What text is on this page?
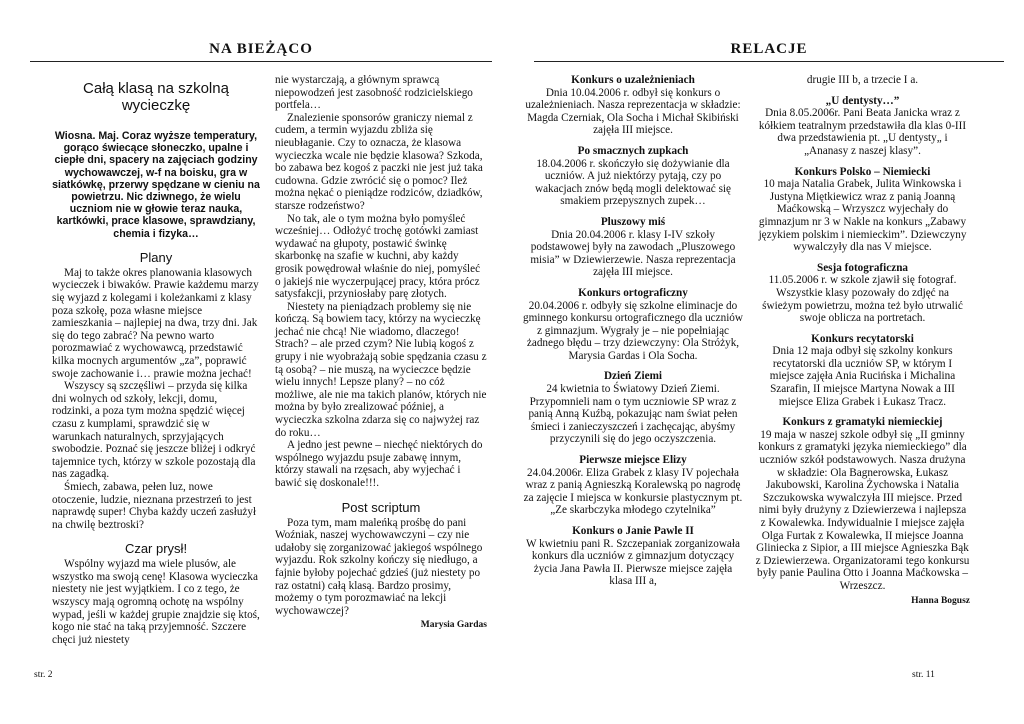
NA BIEŻĄCO
Całą klasą na szkolną wycieczkę
Wiosna. Maj. Coraz wyższe temperatury, gorąco świecące słoneczko, upalne i ciepłe dni, spacery na zajęciach godziny wychowawczej, w-f na boisku, gra w siatkówkę, przerwy spędzane w cieniu na powietrzu. Nic dziwnego, że wielu uczniom nie w głowie teraz nauka, kartkówki, prace klasowe, sprawdziany, chemia i fizyka…
Plany

Maj to także okres planowania klasowych wycieczek i biwaków. Prawie każdemu marzy się wyjazd z kolegami i koleżankami z klasy poza szkołę, poza własne miejsce zamieszkania – najlepiej na dwa, trzy dni. Jak się do tego zabrać? Na pewno warto porozmawiać z wychowawcą, przedstawić kilka mocnych argumentów „za”, poprawić swoje zachowanie i… prawie można jechać!

Wszyscy są szczęśliwi – przyda się kilka dni wolnych od szkoły, lekcji, domu, rodzinki, a poza tym można spędzić więcej czasu z kumplami, sprawdzić się w warunkach naturalnych, sprzyjających swobodzie. Poznać się jeszcze bliżej i odkryć tajemnice tych, którzy w szkole pozostają dla nas zagadką.

Śmiech, zabawa, pełen luz, nowe otoczenie, ludzie, nieznana przestrzeń to jest naprawdę super! Chyba każdy uczeń zasłużył na chwilę beztroski?

Czar prysł!

Wspólny wyjazd ma wiele plusów, ale wszystko ma swoją cenę! Klasowa wycieczka niestety nie jest wyjątkiem. I co z tego, że wszyscy mają ogromną ochotę na wspólny wypad, jeśli w każdej grupie znajdzie się ktoś, kogo nie stać na taką przyjemność. Szczere chęci już niestety

nie wystarczają, a głównym sprawcą niepowodzeń jest zasobność rodzicielskiego portfela…

Znalezienie sponsorów graniczy niemal z cudem, a termin wyjazdu zbliża się nieubłaganie. Czy to oznacza, że klasowa wycieczka wcale nie będzie klasowa? Szkoda, bo zabawa bez kogoś z paczki nie jest już taka cudowna. Gdzie zwrócić się o pomoc? Ileż można nękać o pieniądze rodziców, dziadków, starsze rodzeństwo?

No tak, ale o tym można było pomyśleć wcześniej… Odłożyć trochę gotówki zamiast wydawać na głupoty, postawić świnkę skarbonkę na szafie w kuchni, aby każdy grosik powędrował właśnie do niej, pomyśleć o jakiejś nie wyczerpującej pracy, która prócz satysfakcji, przyniosłaby parę złotych.

Niestety na pieniądzach problemy się nie kończą. Są bowiem tacy, którzy na wycieczkę jechać nie chcą! Nie wiadomo, dlaczego! Strach? – ale przed czym? Nie lubią kogoś z grupy i nie wyobrażają sobie spędzania czasu z tą osobą? – nie muszą, na wycieczce będzie wielu innych! Lepsze plany? – no cóż możliwe, ale nie ma takich planów, których nie można by było zrealizować później, a wycieczka szkolna zdarza się co najwyżej raz do roku…

A jedno jest pewne – niechęć niektórych do wspólnego wyjazdu psuje zabawę innym, którzy stawali na rzęsach, aby wyjechać i bawić się doskonale!!!.

Post scriptum

Poza tym, mam maleńką prośbę do pani Woźniak, naszej wychowawczyni – czy nie udałoby się zorganizować jakiegoś wspólnego wyjazdu. Rok szkolny kończy się niedługo, a fajnie byłoby pojechać gdzieś (już niestety po raz ostatni) całą klasą. Bardzo prosimy, możemy o tym porozmawiać na lekcji wychowawczej?

Marysia Gardas
str. 2
RELACJE
Konkurs o uzależnieniach

Dnia 10.04.2006 r. odbył się konkurs o uzależnieniach. Nasza reprezentacja w składzie: Magda Czerniak, Ola Socha i Michał Skibiński zajęła III miejsce.

Po smacznych zupkach

18.04.2006 r. skończyło się dożywianie dla uczniów. A już niektórzy pytają, czy po wakacjach znów będą mogli delektować się smakiem przepysznych zupek…

Pluszowy miś

Dnia 20.04.2006 r. klasy I-IV szkoły podstawowej były na zawodach „Pluszowego misia” w Dziewierzewie. Nasza reprezentacja zajęła III miejsce.

Konkurs ortograficzny

20.04.2006 r. odbyły się szkolne eliminacje do gminnego konkursu ortograficznego dla uczniów z gimnazjum. Wygrały je – nie popełniając żadnego błędu – trzy dziewczyny: Ola Stróżyk, Marysia Gardas i Ola Socha.

Dzień Ziemi

24 kwietnia to Światowy Dzień Ziemi. Przypomnieli nam o tym uczniowie SP wraz z panią Anną Kuźbą, pokazując nam świat pełen śmieci i zanieczyszczeń i zachęcając, abyśmy przyczynili się do jego oczyszczenia.

Pierwsze miejsce Elizy

24.04.2006r. Eliza Grabek z klasy IV pojechała wraz z panią Agnieszką Koralewską po nagrodę za zajęcie I miejsca w konkursie plastycznym pt. „Ze skarbczyka młodego czytelnika”

Konkurs o Janie Pawle II

W kwietniu pani R. Szczepaniak zorganizowała konkurs dla uczniów z gimnazjum dotyczący życia Jana Pawła II. Pierwsze miejsce zajęła klasa III a,

drugie III b, a trzecie I a.

„U dentysty…”

Dnia 8.05.2006r. Pani Beata Janicka wraz z kółkiem teatralnym przedstawiła dla klas 0-III dwa przedstawienia pt. „U dentysty„ i „Ananasy z naszej klasy”.

Konkurs Polsko – Niemiecki

10 maja Natalia Grabek, Julita Winkowska i Justyna Miętkiewicz wraz z panią Joanną Maćkowską – Wrzyszcz wyjechały do gimnazjum nr 3 w Nakle na konkurs „Zabawy językiem polskim i niemieckim”. Dziewczyny wywalczyły dla nas V miejsce.

Sesja fotograficzna

11.05.2006 r. w szkole zjawił się fotograf. Wszystkie klasy pozowały do zdjęć na świeżym powietrzu, można też było utrwalić swoje oblicza na portretach.

Konkurs recytatorski

Dnia 12 maja odbył się szkolny konkurs recytatorski dla uczniów SP, w którym I miejsce zajęła Ania Rucińska i Michalina Szarafin, II miejsce Martyna Nowak a III miejsce Eliza Grabek i Łukasz Tracz.

Konkurs z gramatyki niemieckiej

19 maja w naszej szkole odbył się „II gminny konkurs z gramatyki języka niemieckiego” dla uczniów szkół podstawowych. Nasza drużyna w składzie: Ola Bagnerowska, Łukasz Jakubowski, Karolina Żychowska i Natalia Szczukowska wywalczyła III miejsce. Przed nimi były drużyny z Dziewierzewa i najlepsza z Kowalewka. Indywidualnie I miejsce zajęła Olga Furtak z Kowalewka, II miejsce Joanna Gliniecka z Sipior, a III miejsce Agnieszka Bąk z Dziewierzewa. Organizatorami tego konkursu były panie Paulina Otto i Joanna Maćkowska – Wrzeszcz.

Hanna Bogusz
str. 11
